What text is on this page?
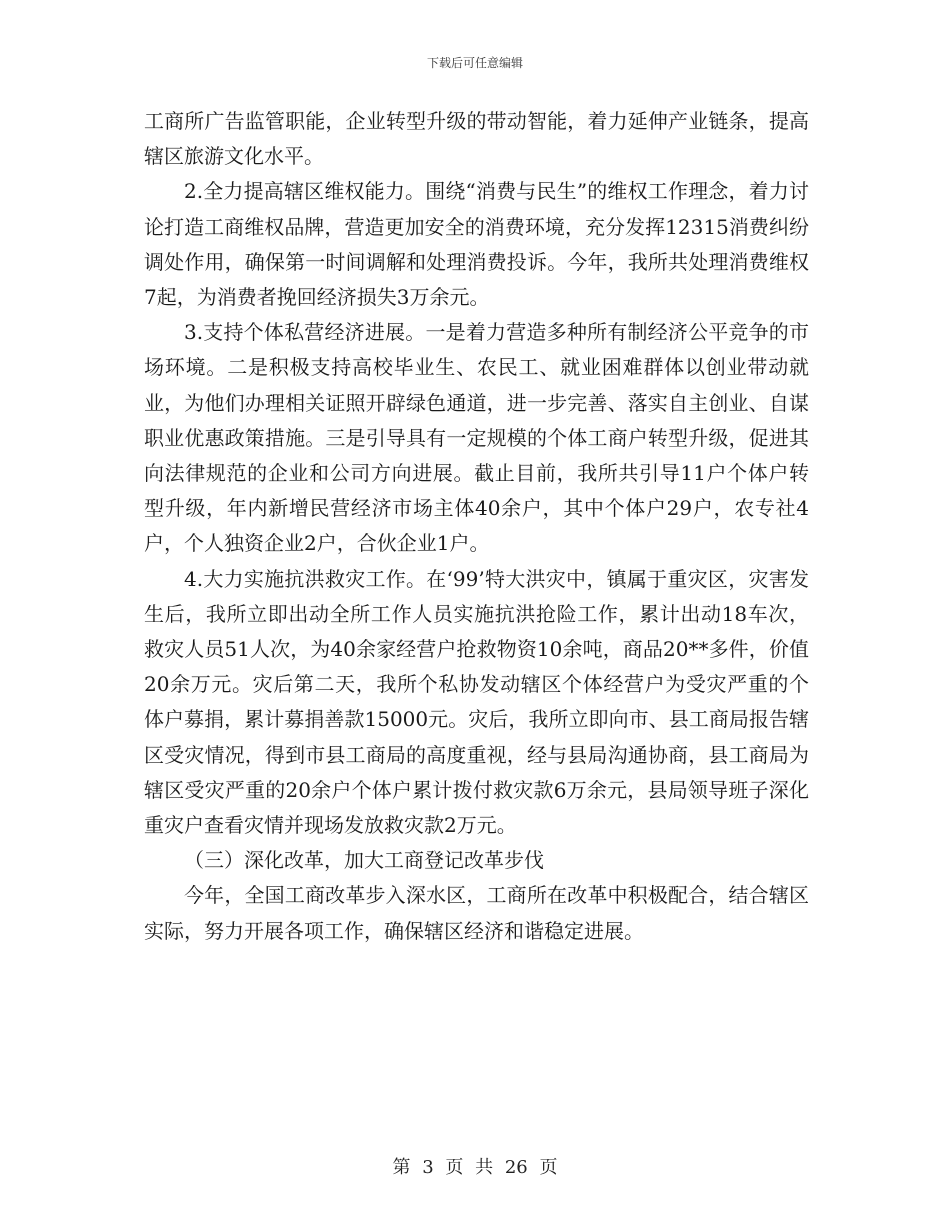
下载后可任意编辑

工商所广告监管职能，企业转型升级的带动智能，着力延伸产业链条，提高辖区旅游文化水平。

2.全力提高辖区维权能力。围绕“消费与民生”的维权工作理念，着力讨论打造工商维权品牌，营造更加安全的消费环境，充分发挥12315消费纠纷调处作用，确保第一时间调解和处理消费投诉。今年，我所共处理消费维权7起，为消费者挽回经济损失3万余元。

3.支持个体私营经济进展。一是着力营造多种所有制经济公平竞争的市场环境。二是积极支持高校毕业生、农民工、就业困难群体以创业带动就业，为他们办理相关证照开辟绿色通道，进一步完善、落实自主创业、自谋职业优惠政策措施。三是引导具有一定规模的个体工商户转型升级，促进其向法律规范的企业和公司方向进展。截止目前，我所共引导11户个体户转型升级，年内新增民营经济市场主体40余户，其中个体户29户，农专社4户，个人独资企业2户，合伙企业1户。

4.大力实施抗洪救灾工作。在‘99’特大洪灾中，镇属于重灾区，灾害发生后，我所立即出动全所工作人员实施抗洪抢险工作，累计出动18车次，救灾人员51人次，为40余家经营户抢救物资10余吨，商品20**多件，价值20余万元。灾后第二天，我所个私协发动辖区个体经营户为受灾严重的个体户募捐，累计募捐善款15000元。灾后，我所立即向市、县工商局报告辖区受灾情况，得到市县工商局的高度重视，经与县局沟通协商，县工商局为辖区受灾严重的20余户个体户累计拨付救灾款6万余元，县局领导班子深化重灾户查看灾情并现场发放救灾款2万元。

（三）深化改革，加大工商登记改革步伐

今年，全国工商改革步入深水区，工商所在改革中积极配合，结合辖区实际，努力开展各项工作，确保辖区经济和谐稳定进展。

第 3 页 共 26 页
